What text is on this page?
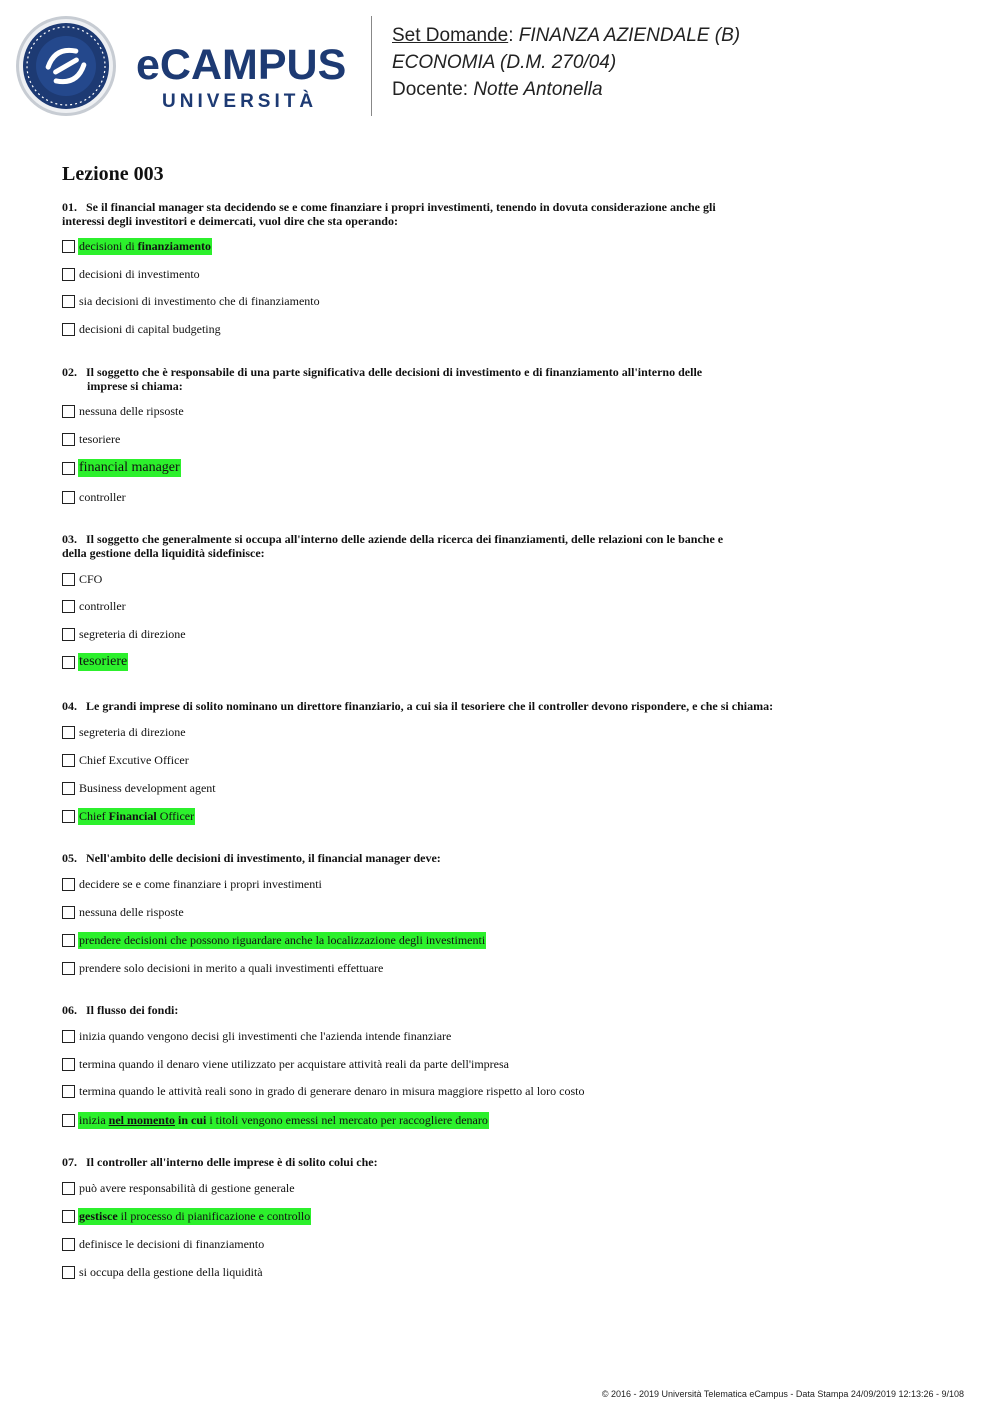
eCAMPUS
UNIVERSITÀ
Set Domande: FINANZA AZIENDALE (B)
ECONOMIA (D.M. 270/04)
Docente: Notte Antonella
Lezione 003
01. Se il financial manager sta decidendo se e come finanziare i propri investimenti, tenendo in dovuta considerazione anche gli
interessi degli investitori e deimercati, vuol dire che sta operando:
decisioni di finanziamento
decisioni di investimento
sia decisioni di investimento che di finanziamento
decisioni di capital budgeting
02. Il soggetto che è responsabile di una parte significativa delle decisioni di investimento e di finanziamento all'interno delle
imprese si chiama:
nessuna delle ripsoste
tesoriere
financial manager
controller
03. Il soggetto che generalmente si occupa all'interno delle aziende della ricerca dei finanziamenti, delle relazioni con le banche e
della gestione della liquidità sidefinisce:
CFO
controller
segreteria di direzione
tesoriere
04. Le grandi imprese di solito nominano un direttore finanziario, a cui sia il tesoriere che il controller devono rispondere, e che si chiama:
segreteria di direzione
Chief Excutive Officer
Business development agent
Chief Financial Officer
05. Nell'ambito delle decisioni di investimento, il financial manager deve:
decidere se e come finanziare i propri investimenti
nessuna delle risposte
prendere decisioni che possono riguardare anche la localizzazione degli investimenti
prendere solo decisioni in merito a quali investimenti effettuare
06. Il flusso dei fondi:
inizia quando vengono decisi gli investimenti che l'azienda intende finanziare
termina quando il denaro viene utilizzato per acquistare attività reali da parte dell'impresa
termina quando le attività reali sono in grado di generare denaro in misura maggiore rispetto al loro costo
inizia nel momento in cui i titoli vengono emessi nel mercato per raccogliere denaro
07. Il controller all'interno delle imprese è di solito colui che:
può avere responsabilità di gestione generale
gestisce il processo di pianificazione e controllo
definisce le decisioni di finanziamento
si occupa della gestione della liquidità
© 2016 - 2019 Università Telematica eCampus - Data Stampa 24/09/2019 12:13:26 - 9/108
